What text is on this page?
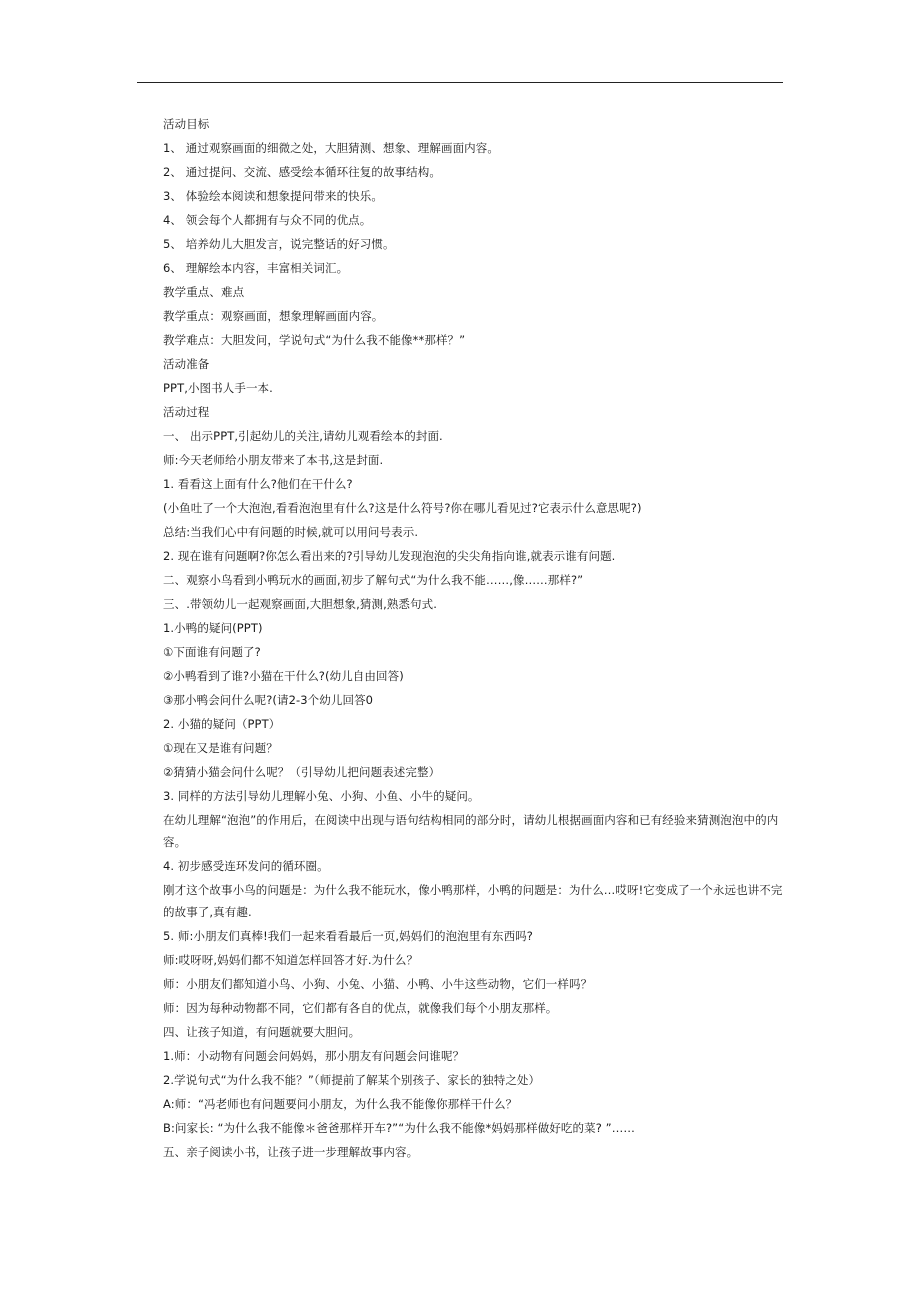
活动目标
1、 通过观察画面的细微之处，大胆猜测、想象、理解画面内容。
2、 通过提问、交流、感受绘本循环往复的故事结构。
3、 体验绘本阅读和想象提问带来的快乐。
4、 领会每个人都拥有与众不同的优点。
5、 培养幼儿大胆发言，说完整话的好习惯。
6、 理解绘本内容，丰富相关词汇。
教学重点、难点
教学重点：观察画面，想象理解画面内容。
教学难点：大胆发问，学说句式“为什么我不能像**那样？”
活动准备
PPT,小图书人手一本.
活动过程
一、 出示PPT,引起幼儿的关注,请幼儿观看绘本的封面.
师:今天老师给小朋友带来了本书,这是封面.
1. 看看这上面有什么?他们在干什么?
(小鱼吐了一个大泡泡,看看泡泡里有什么?这是什么符号?你在哪儿看见过?它表示什么意思呢?)
总结:当我们心中有问题的时候,就可以用问号表示.
2. 现在谁有问题啊?你怎么看出来的?引导幼儿发现泡泡的尖尖角指向谁,就表示谁有问题.
二、观察小鸟看到小鸭玩水的画面,初步了解句式“为什么我不能……,像……那样?”
三、.带领幼儿一起观察画面,大胆想象,猜测,熟悉句式.
1.小鸭的疑问(PPT)
①下面谁有问题了?
②小鸭看到了谁?小猫在干什么?(幼儿自由回答)
③那小鸭会问什么呢?(请2-3个幼儿回答0
2. 小猫的疑问（PPT）
①现在又是谁有问题？
②猜猜小猫会问什么呢？（引导幼儿把问题表述完整）
3. 同样的方法引导幼儿理解小兔、小狗、小鱼、小牛的疑问。
在幼儿理解“泡泡”的作用后，在阅读中出现与语句结构相同的部分时，请幼儿根据画面内容和已有经验来猜测泡泡中的内容。
4. 初步感受连环发问的循环圈。
刚才这个故事小鸟的问题是：为什么我不能玩水，像小鸭那样，小鸭的问题是：为什么…哎呀!它变成了一个永远也讲不完的故事了,真有趣.
5. 师:小朋友们真棒!我们一起来看看最后一页,妈妈们的泡泡里有东西吗?
师:哎呀呀,妈妈们都不知道怎样回答才好.为什么？
师：小朋友们都知道小鸟、小狗、小兔、小猫、小鸭、小牛这些动物，它们一样吗？
师：因为每种动物都不同，它们都有各自的优点，就像我们每个小朋友那样。
四、让孩子知道，有问题就要大胆问。
1.师：小动物有问题会问妈妈，那小朋友有问题会问谁呢？
2.学说句式“为什么我不能？”（师提前了解某个别孩子、家长的独特之处）
A:师：“冯老师也有问题要问小朋友，为什么我不能像你那样干什么？
B:问家长: “为什么我不能像＊爸爸那样开车?”“为什么我不能像*妈妈那样做好吃的菜? ”……
五、亲子阅读小书，让孩子进一步理解故事内容。
